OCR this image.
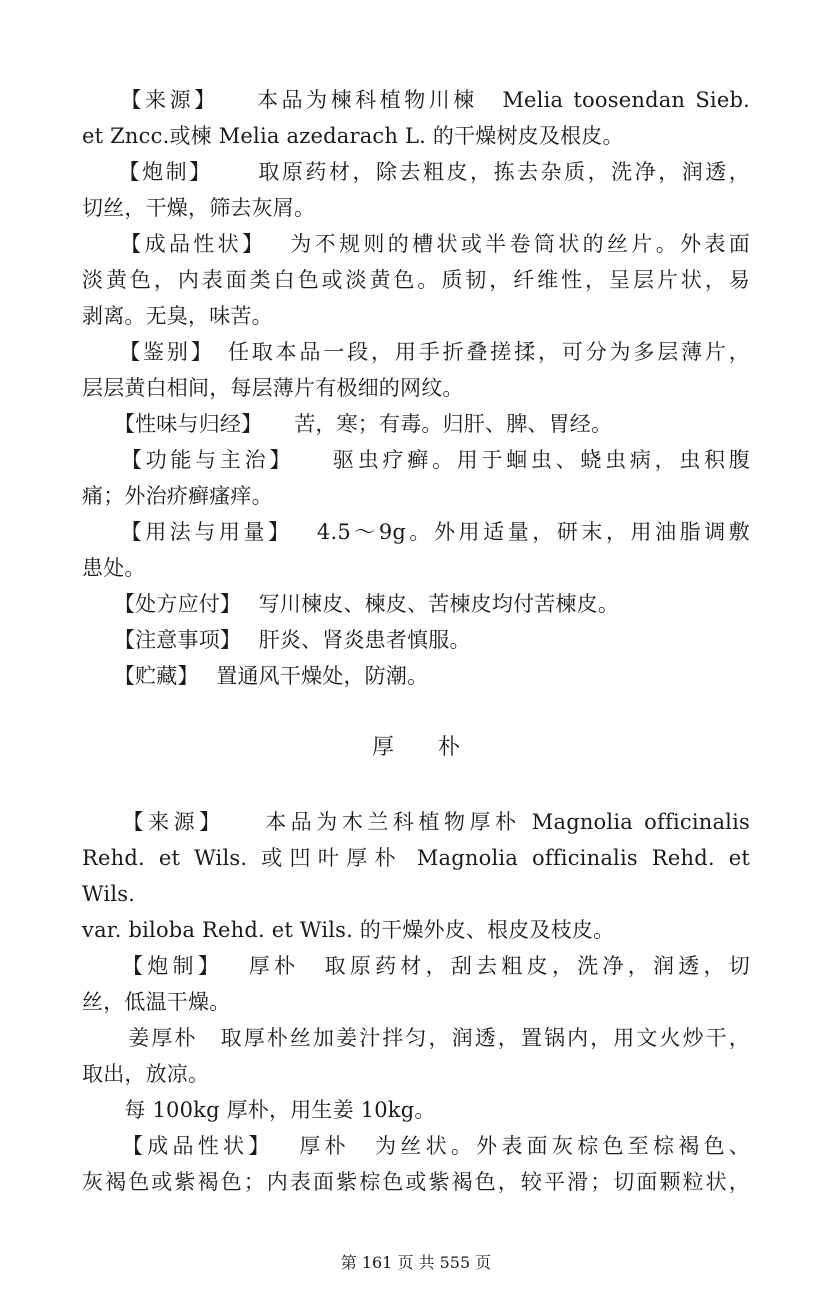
　　【来源】　　本品为楝科植物川楝　Melia toosendan Sieb.
et Zncc.或楝 Melia azedarach L. 的干燥树皮及根皮。
　　【炮制】　　 取原药材，除去粗皮，拣去杂质，洗净，润透，
切丝，干燥，筛去灰屑。
　　【成品性状】　 为不规则的槽状或半卷筒状的丝片。外表面
淡黄色，内表面类白色或淡黄色。质韧，纤维性，呈层片状，易
剥离。无臭，味苦。
　　【鉴别】　任取本品一段，用手折叠搓揉，可分为多层薄片，
层层黄白相间，每层薄片有极细的网纹。
　　【性味与归经】　　苦，寒；有毒。归肝、脾、胃经。
　　【功能与主治】　　驱虫疗癣。用于蛔虫、蛲虫病，虫积腹
痛；外治疥癣瘙痒。
　　【用法与用量】　 4.5～9g。外用适量，研末，用油脂调敷
患处。
　　【处方应付】　 写川楝皮、楝皮、苦楝皮均付苦楝皮。
　　【注意事项】　 肝炎、肾炎患者慎服。
　　【贮藏】　 置通风干燥处，防潮。
厚　　朴
　　【来源】　　本品为木兰科植物厚朴 Magnolia officinalis
Rehd. et Wils. 或凹叶厚朴 Magnolia officinalis Rehd. et
Wils.
var. biloba Rehd. et Wils. 的干燥外皮、根皮及枝皮。
　　【炮制】　 厚朴　取原药材，刮去粗皮，洗净，润透，切
丝，低温干燥。
　　姜厚朴　取厚朴丝加姜汁拌匀，润透，置锅内，用文火炒干，
取出，放凉。
　　每 100kg 厚朴，用生姜 10kg。
　　【成品性状】　 厚朴　为丝状。外表面灰棕色至棕褐色、
灰褐色或紫褐色；内表面紫棕色或紫褐色，较平滑；切面颗粒状，
第 161 页 共 555 页
